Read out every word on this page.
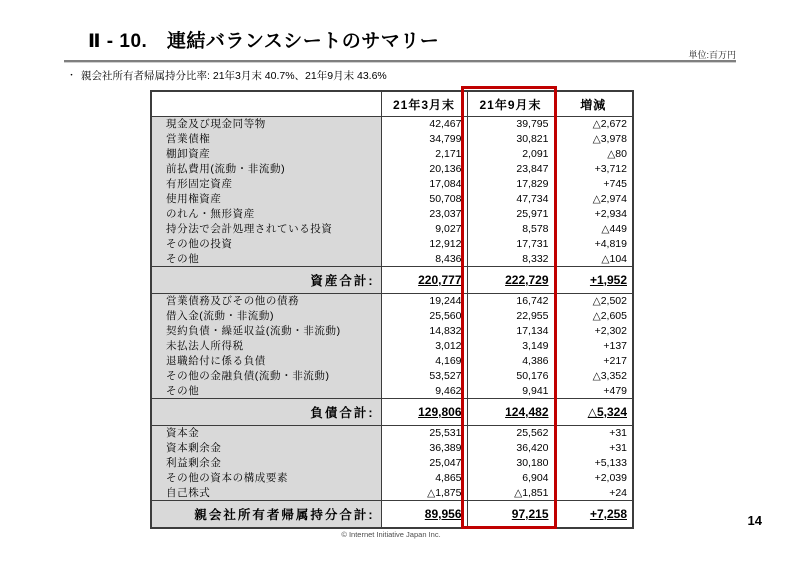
Ⅱ - 10.　連結バランスシートのサマリー
単位:百万円
・ 親会社所有者帰属持分比率: 21年3月末 40.7%、21年9月末 43.6%
	21年3月末	21年9月末	増減
現金及び現金同等物	42,467	39,795	△2,672
営業債権	34,799	30,821	△3,978
棚卸資産	2,171	2,091	△80
前払費用(流動・非流動)	20,136	23,847	+3,712
有形固定資産	17,084	17,829	+745
使用権資産	50,708	47,734	△2,974
のれん・無形資産	23,037	25,971	+2,934
持分法で会計処理されている投資	9,027	8,578	△449
その他の投資	12,912	17,731	+4,819
その他	8,436	8,332	△104
資産合計:	220,777	222,729	+1,952
営業債務及びその他の債務	19,244	16,742	△2,502
借入金(流動・非流動)	25,560	22,955	△2,605
契約負債・繰延収益(流動・非流動)	14,832	17,134	+2,302
未払法人所得税	3,012	3,149	+137
退職給付に係る負債	4,169	4,386	+217
その他の金融負債(流動・非流動)	53,527	50,176	△3,352
その他	9,462	9,941	+479
負債合計:	129,806	124,482	△5,324
資本金	25,531	25,562	+31
資本剰余金	36,389	36,420	+31
利益剰余金	25,047	30,180	+5,133
その他の資本の構成要素	4,865	6,904	+2,039
自己株式	△1,875	△1,851	+24
親会社所有者帰属持分合計:	89,956	97,215	+7,258
© Internet Initiative Japan Inc.
14
